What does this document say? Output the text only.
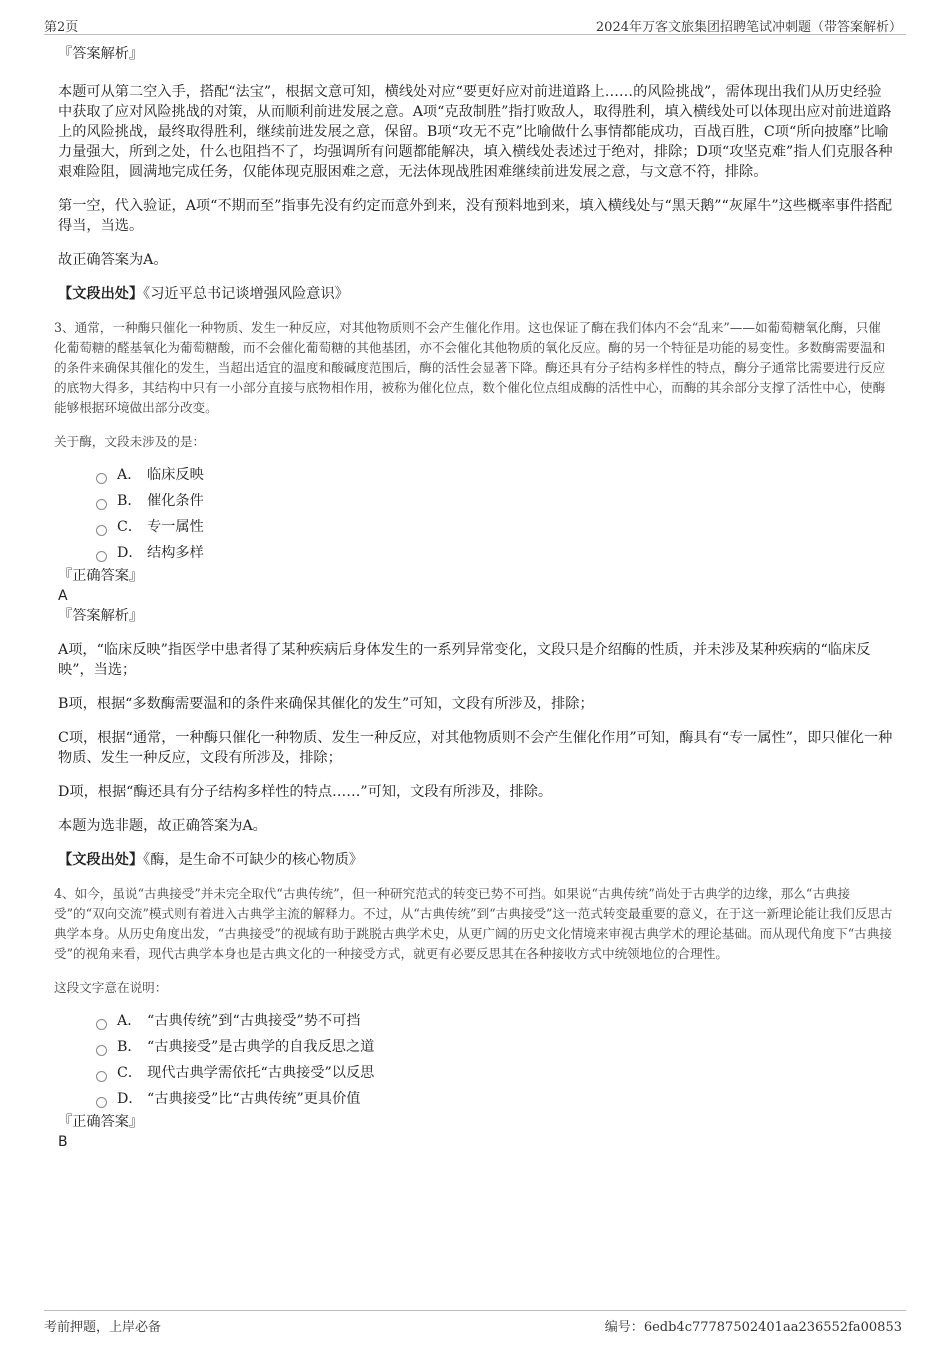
第2页	2024年万客文旅集团招聘笔试冲刺题（带答案解析）

『答案解析』

本题可从第二空入手，搭配“法宝”，根据文意可知，横线处对应“要更好应对前进道路上……的风险挑战”，需体现出我们从历史经验中获取了应对风险挑战的对策，从而顺利前进发展之意。A项“克敌制胜”指打败敌人，取得胜利，填入横线处可以体现出应对前进道路上的风险挑战，最终取得胜利，继续前进发展之意，保留。B项“攻无不克”比喻做什么事情都能成功，百战百胜，C项“所向披靡”比喻力量强大，所到之处，什么也阻挡不了，均强调所有问题都能解决，填入横线处表述过于绝对，排除；D项“攻坚克难”指人们克服各种艰难险阻，圆满地完成任务，仅能体现克服困难之意，无法体现战胜困难继续前进发展之意，与文意不符，排除。

第一空，代入验证，A项“不期而至”指事先没有约定而意外到来，没有预料地到来，填入横线处与“黑天鹅”“灰犀牛”这些概率事件搭配得当，当选。

故正确答案为A。

【文段出处】《习近平总书记谈增强风险意识》

3、通常，一种酶只催化一种物质、发生一种反应，对其他物质则不会产生催化作用。这也保证了酶在我们体内不会“乱来”——如葡萄糖氧化酶，只催化葡萄糖的醛基氧化为葡萄糖酸，而不会催化葡萄糖的其他基团，亦不会催化其他物质的氧化反应。酶的另一个特征是功能的易变性。多数酶需要温和的条件来确保其催化的发生，当超出适宜的温度和酸碱度范围后，酶的活性会显著下降。酶还具有分子结构多样性的特点，酶分子通常比需要进行反应的底物大得多，其结构中只有一小部分直接与底物相作用，被称为催化位点，数个催化位点组成酶的活性中心，而酶的其余部分支撑了活性中心，使酶能够根据环境做出部分改变。

关于酶，文段未涉及的是：

A． 临床反映
B． 催化条件
C． 专一属性
D． 结构多样

『正确答案』

A

『答案解析』

A项，“临床反映”指医学中患者得了某种疾病后身体发生的一系列异常变化，文段只是介绍酶的性质，并未涉及某种疾病的“临床反映”，当选；

B项，根据“多数酶需要温和的条件来确保其催化的发生”可知，文段有所涉及，排除；

C项，根据“通常，一种酶只催化一种物质、发生一种反应，对其他物质则不会产生催化作用”可知，酶具有“专一属性”，即只催化一种物质、发生一种反应，文段有所涉及，排除；

D项，根据“酶还具有分子结构多样性的特点……”可知，文段有所涉及，排除。

本题为选非题，故正确答案为A。

【文段出处】《酶，是生命不可缺少的核心物质》

4、如今，虽说“古典接受”并未完全取代“古典传统”，但一种研究范式的转变已势不可挡。如果说“古典传统”尚处于古典学的边缘，那么“古典接受”的“双向交流”模式则有着进入古典学主流的解释力。不过，从“古典传统”到“古典接受”这一范式转变最重要的意义，在于这一新理论能让我们反思古典学本身。从历史角度出发，“古典接受”的视域有助于跳脱古典学术史，从更广阔的历史文化情境来审视古典学术的理论基础。而从现代角度下“古典接受”的视角来看，现代古典学本身也是古典文化的一种接受方式，就更有必要反思其在各种接收方式中统领地位的合理性。

这段文字意在说明：

A． “古典传统”到“古典接受”势不可挡
B． “古典接受”是古典学的自我反思之道
C． 现代古典学需依托“古典接受”以反思
D． “古典接受”比“古典传统”更具价值

『正确答案』

B

考前押题，上岸必备	编号：6edb4c77787502401aa236552fa00853
